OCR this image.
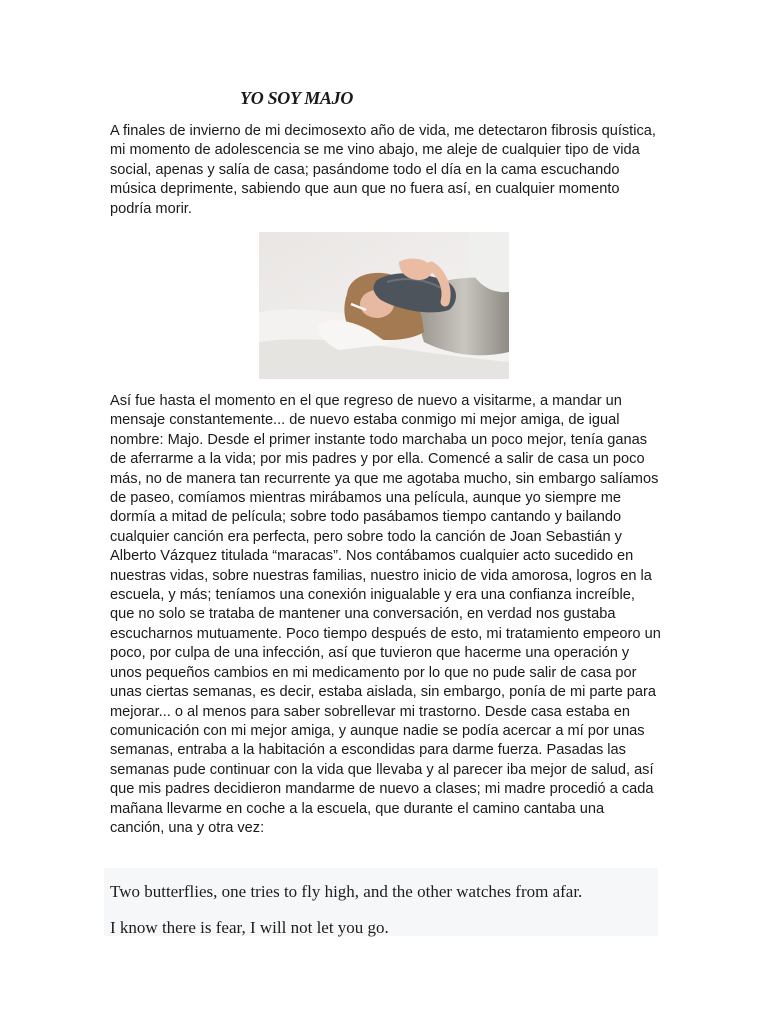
YO SOY MAJO

A finales de invierno de mi decimosexto año de vida, me detectaron fibrosis quística, mi momento de adolescencia se me vino abajo, me aleje de cualquier tipo de vida social, apenas y salía de casa; pasándome todo el día en la cama escuchando música deprimente, sabiendo que aun que no fuera así, en cualquier momento podría morir.

Así fue hasta el momento en el que regreso de nuevo a visitarme, a mandar un mensaje constantemente... de nuevo estaba conmigo mi mejor amiga, de igual nombre: Majo. Desde el primer instante todo marchaba un poco mejor, tenía ganas de aferrarme a la vida; por mis padres y por ella. Comencé a salir de casa un poco más, no de manera tan recurrente ya que me agotaba mucho, sin embargo salíamos de paseo, comíamos mientras mirábamos una película, aunque yo siempre me dormía a mitad de película; sobre todo pasábamos tiempo cantando y bailando cualquier canción era perfecta, pero sobre todo la canción de Joan Sebastián y Alberto Vázquez titulada “maracas”. Nos contábamos cualquier acto sucedido en nuestras vidas, sobre nuestras familias, nuestro inicio de vida amorosa, logros en la escuela, y más; teníamos una conexión inigualable y era una confianza increíble, que no solo se trataba de mantener una conversación, en verdad nos gustaba escucharnos mutuamente. Poco tiempo después de esto, mi tratamiento empeoro un poco, por culpa de una infección, así que tuvieron que hacerme una operación y unos pequeños cambios en mi medicamento por lo que no pude salir de casa por unas ciertas semanas, es decir, estaba aislada, sin embargo, ponía de mi parte para mejorar... o al menos para saber sobrellevar mi trastorno. Desde casa estaba en comunicación con mi mejor amiga, y aunque nadie se podía acercar a mí por unas semanas, entraba a la habitación a escondidas para darme fuerza. Pasadas las semanas pude continuar con la vida que llevaba y al parecer iba mejor de salud, así que mis padres decidieron mandarme de nuevo a clases; mi madre procedió a cada mañana llevarme en coche a la escuela, que durante el camino cantaba una canción, una y otra vez:

Two butterflies, one tries to fly high, and the other watches from afar.

I know there is fear, I will not let you go.
